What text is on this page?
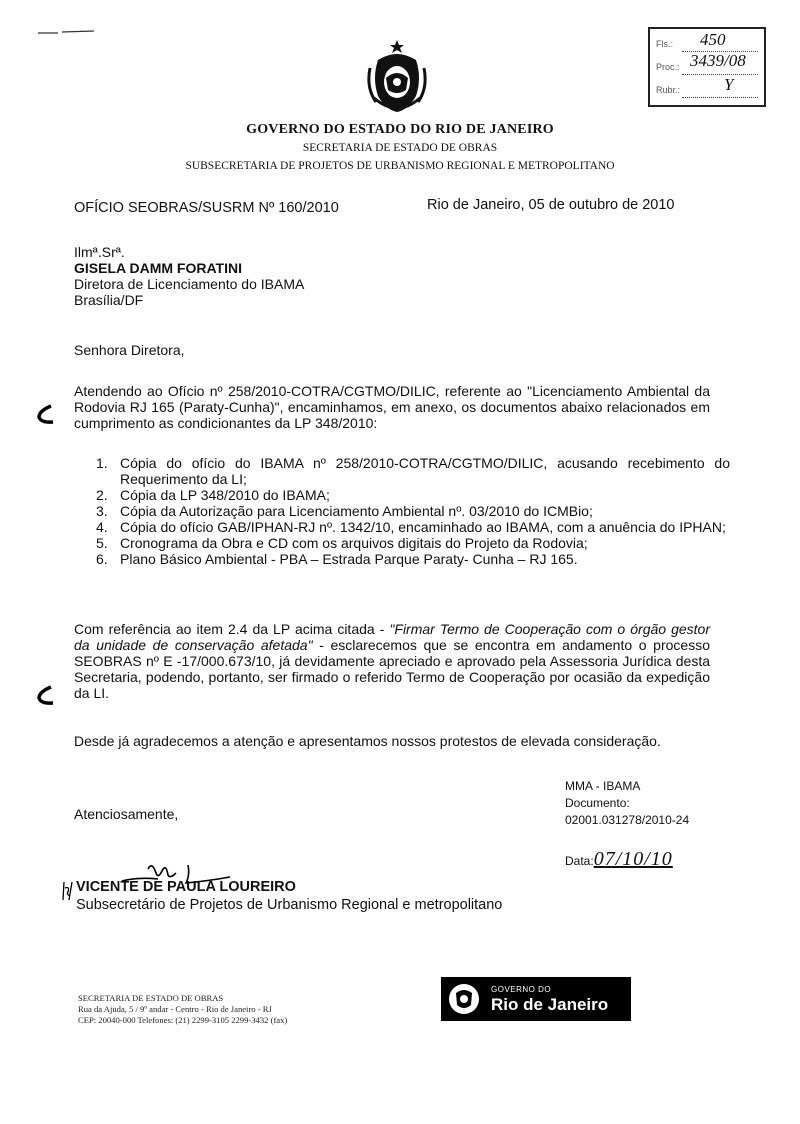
GOVERNO DO ESTADO DO RIO DE JANEIRO
SECRETARIA DE ESTADO DE OBRAS
SUBSECRETARIA DE PROJETOS DE URBANISMO REGIONAL E METROPOLITANO
Fls.: 450
Proc.: 3439/08
Rubr.:	Y
OFÍCIO SEOBRAS/SUSRM Nº 160/2010	Rio de Janeiro, 05 de outubro de 2010
Ilmª.Srª.
GISELA DAMM FORATINI
Diretora de Licenciamento do IBAMA
Brasília/DF
Senhora Diretora,
Atendendo ao Ofício nº 258/2010-COTRA/CGTMO/DILIC, referente ao "Licenciamento Ambiental da Rodovia RJ 165 (Paraty-Cunha)", encaminhamos, em anexo, os documentos abaixo relacionados em cumprimento as condicionantes da LP 348/2010:
1. Cópia do ofício do IBAMA nº 258/2010-COTRA/CGTMO/DILIC, acusando recebimento do Requerimento da LI;
2. Cópia da LP 348/2010 do IBAMA;
3. Cópia da Autorização para Licenciamento Ambiental nº. 03/2010 do ICMBio;
4. Cópia do ofício GAB/IPHAN-RJ nº. 1342/10, encaminhado ao IBAMA, com a anuência do IPHAN;
5. Cronograma da Obra e CD com os arquivos digitais do Projeto da Rodovia;
6. Plano Básico Ambiental - PBA – Estrada Parque Paraty- Cunha – RJ 165.
Com referência ao item 2.4 da LP acima citada - "Firmar Termo de Cooperação com o órgão gestor da unidade de conservação afetada" - esclarecemos que se encontra em andamento o processo SEOBRAS nº E -17/000.673/10, já devidamente apreciado e aprovado pela Assessoria Jurídica desta Secretaria, podendo, portanto, ser firmado o referido Termo de Cooperação por ocasião da expedição da LI.
Desde já agradecemos a atenção e apresentamos nossos protestos de elevada consideração.
Atenciosamente,
MMA - IBAMA
Documento:
02001.031278/2010-24
Data:07/10/10
VICENTE DE PAULA LOUREIRO
Subsecretário de Projetos de Urbanismo Regional e metropolitano
SECRETARIA DE ESTADO DE OBRAS
Rua da Ajuda, 5 / 9º andar - Centro - Rio de Janeiro - RJ
CEP: 20040-000 Telefones: (21) 2299-3105 2299-3432 (fax)
GOVERNO DO
Rio de Janeiro
